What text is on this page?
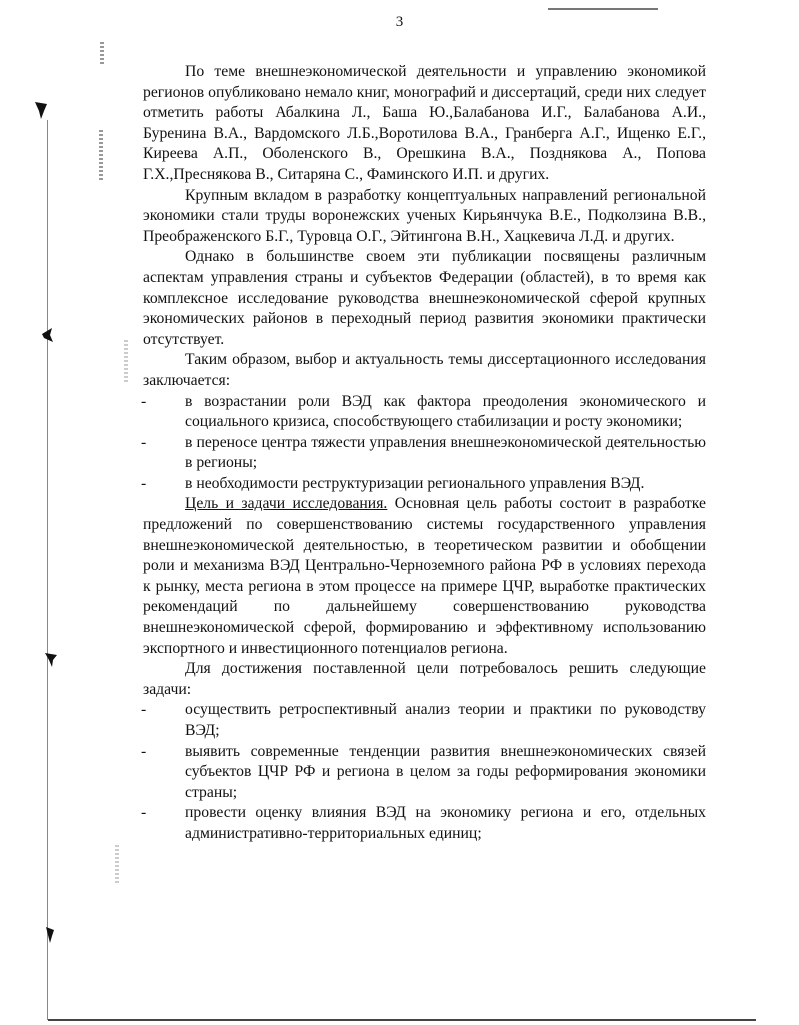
3

По теме внешнеэкономической деятельности и управлению экономикой регионов опубликовано немало книг, монографий и диссертаций, среди них следует отметить работы Абалкина Л., Баша Ю.,Балабанова И.Г., Балабанова А.И., Буренина В.А., Вардомского Л.Б.,Воротилова В.А., Гранберга А.Г., Ищенко Е.Г., Киреева А.П., Оболенского В., Орешкина В.А., Позднякова А., Попова Г.Х.,Преснякова В., Ситаряна С., Фаминского И.П. и других.

Крупным вкладом в разработку концептуальных направлений региональной экономики стали труды воронежских ученых Кирьянчука В.Е., Подколзина В.В., Преображенского Б.Г., Туровца О.Г., Эйтингона В.Н., Хацкевича Л.Д. и других.

Однако в большинстве своем эти публикации посвящены различным аспектам управления страны и субъектов Федерации (областей), в то время как комплексное исследование руководства внешнеэкономической сферой крупных экономических районов в переходный период развития экономики практически отсутствует.

Таким образом, выбор и актуальность темы диссертационного исследования заключается:

- в возрастании роли ВЭД как фактора преодоления экономического и социального кризиса, способствующего стабилизации и росту экономики;
- в переносе центра тяжести управления внешнеэкономической деятельностью в регионы;
- в необходимости реструктуризации регионального управления ВЭД.

Цель и задачи исследования. Основная цель работы состоит в разработке предложений по совершенствованию системы государственного управления внешнеэкономической деятельностью, в теоретическом развитии и обобщении роли и механизма ВЭД Центрально-Черноземного района РФ в условиях перехода к рынку, места региона в этом процессе на примере ЦЧР, выработке практических рекомендаций по дальнейшему совершенствованию руководства внешнеэкономической сферой, формированию и эффективному использованию экспортного и инвестиционного потенциалов региона.

Для достижения поставленной цели потребовалось решить следующие задачи:

- осуществить ретроспективный анализ теории и практики по руководству ВЭД;
- выявить современные тенденции развития внешнеэкономических связей субъектов ЦЧР РФ и региона в целом за годы реформирования экономики страны;
- провести оценку влияния ВЭД на экономику региона и его, отдельных административно-территориальных единиц;
